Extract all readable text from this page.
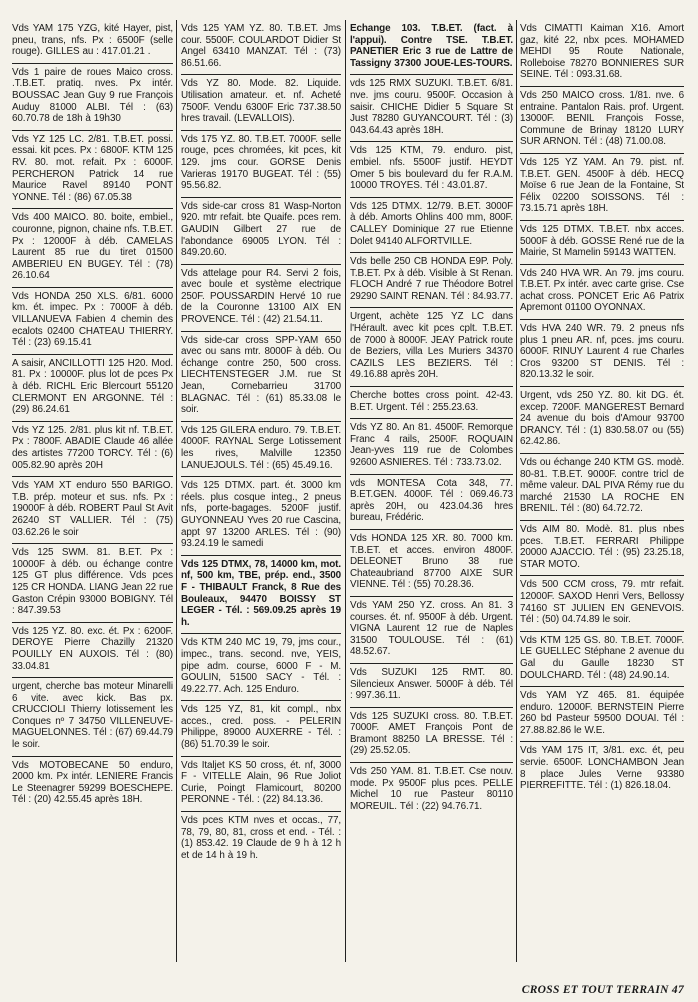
Vds YAM 175 YZG, kité Hayer, pist, pneu, trans, nfs. Px : 6500F (selle rouge). GILLES au : 417.01.21 .
Vds 1 paire de roues Maico cross. .T.B.ET. pratiq. nves. Px intér. BOUSSAC Jean Guy 9 rue François Auduy 81000 ALBI. Tél : (63) 60.70.78 de 18h à 19h30
Vds YZ 125 LC. 2/81. T.B.ET. possi. essai. kit pces. Px : 6800F. KTM 125 RV. 80. mot. refait. Px : 6000F. PERCHERON Patrick 14 rue Maurice Ravel 89140 PONT YONNE. Tél : (86) 67.05.38
Vds 400 MAICO. 80. boite, embiel., couronne, pignon, chaine nfs. T.B.ET. Px : 12000F à déb. CAMELAS Laurent 85 rue du tiret 01500 AMBERIEU EN BUGEY. Tél : (78) 26.10.64
Vds HONDA 250 XLS. 6/81. 6000 km. ét. impec. Px : 7000F à déb. VILLANUEVA Fabien 4 chemin des ecalots 02400 CHATEAU THIERRY. Tél : (23) 69.15.41
A saisir, ANCILLOTTI 125 H20. Mod. 81. Px : 10000F. plus lot de pces Px à déb. RICHL Eric Blercourt 55120 CLERMONT EN ARGONNE. Tél : (29) 86.24.61
Vds YZ 125. 2/81. plus kit nf. T.B.ET. Px : 7800F. ABADIE Claude 46 allée des artistes 77200 TORCY. Tél : (6) 005.82.90 après 20H
Vds YAM XT enduro 550 BARIGO. T.B. prép. moteur et sus. nfs. Px : 19000F à déb. ROBERT Paul St Avit 26240 ST VALLIER. Tél : (75) 03.62.26 le soir
Vds 125 SWM. 81. B.ET. Px : 10000F à déb. ou échange contre 125 GT plus différence. Vds pces 125 CR HONDA. LIANG Jean 22 rue Gaston Crépin 93000 BOBIGNY. Tél : 847.39.53
Vds 125 YZ. 80. exc. ét. Px : 6200F. DEROYE Pierre Chazilly 21320 POUILLY EN AUXOIS. Tél : (80) 33.04.81
urgent, cherche bas moteur Minarelli 6 vite. avec kick. Bas px. CRUCCIOLI Thierry lotissement les Conques nº 7 34750 VILLENEUVE-MAGUELONNES. Tél : (67) 69.44.79 le soir.
Vds MOTOBECANE 50 enduro, 2000 km. Px intér. LENIERE Francis Le Steenagrer 59299 BOESCHEPE. Tél : (20) 42.55.45 après 18H.
Vds 125 YAM YZ. 80. T.B.ET. Jms cour. 5500F. COULARDOT Didier St Angel 63410 MANZAT. Tél : (73) 86.51.66.
Vds YZ 80. Mode. 82. Liquide. Utilisation amateur. et. nf. Acheté 7500F. Vendu 6300F Eric 737.38.50 hres travail. (LEVALLOIS).
Vds 175 YZ. 80. T.B.ET. 7000F. selle rouge, pces chromées, kit pces, kit 129. jms cour. GORSE Denis Varieras 19170 BUGEAT. Tél : (55) 95.56.82.
Vds side-car cross 81 Wasp-Norton 920. mtr refait. bte Quaife. pces rem. GAUDIN Gilbert 27 rue de l'abondance 69005 LYON. Tél : 849.20.60.
Vds attelage pour R4. Servi 2 fois, avec boule et système electrique 250F. POUSSARDIN Hervé 10 rue de la Couronne 13100 AIX EN PROVENCE. Tél : (42) 21.54.11.
Vds side-car cross SPP-YAM 650 avec ou sans mtr. 8000F à déb. Ou échange contre 250, 500 cross. LIECHTENSTEGER J.M. rue St Jean, Cornebarrieu 31700 BLAGNAC. Tél : (61) 85.33.08 le soir.
Vds 125 GILERA enduro. 79. T.B.ET. 4000F. RAYNAL Serge Lotissement les rives, Malville 12350 LANUEJOULS. Tél : (65) 45.49.16.
Vds 125 DTMX. part. ét. 3000 km réels. plus cosque integ., 2 pneus nfs, porte-bagages. 5200F justif. GUYONNEAU Yves 20 rue Cascina, appt 97 13200 ARLES. Tél : (90) 93.24.19 le samedi
Vds 125 DTMX, 78, 14000 km, mot. nf, 500 km, TBE, prép. end., 3500 F - THIBAULT Franck, 8 Rue des Bouleaux, 94470 BOISSY ST LEGER - Tél. : 569.09.25 après 19 h.
Vds KTM 240 MC 19, 79, jms cour., impec., trans. second. nve, YEIS, pipe adm. course, 6000 F - M. GOULIN, 51500 SACY - Tél. : 49.22.77. Ach. 125 Enduro.
Vds 125 YZ, 81, kit compl., nbx acces., cred. poss. - PELERIN Philippe, 89000 AUXERRE - Tél. : (86) 51.70.39 le soir.
Vds Italjet KS 50 cross, ét. nf, 3000 F - VITELLE Alain, 96 Rue Joliot Curie, Poingt Flamicourt, 80200 PERONNE - Tél. : (22) 84.13.36.
Vds pces KTM nves et occas., 77, 78, 79, 80, 81, cross et end. - Tél. : (1) 853.42. 19 Claude de 9 h à 12 h et de 14 h à 19 h.
Echange 103. T.B.ET. (fact. à l'appui). Contre TSE. T.B.ET. PANETIER Eric 3 rue de Lattre de Tassigny 37300 JOUE-LES-TOURS.
vds 125 RMX SUZUKI. T.B.ET. 6/81. nve. jms couru. 9500F. Occasion à saisir. CHICHE Didier 5 Square St Just 78280 GUYANCOURT. Tél : (3) 043.64.43 après 18H.
Vds 125 KTM, 79. enduro. pist, embiel. nfs. 5500F justif. HEYDT Omer 5 bis boulevard du fer R.A.M. 10000 TROYES. Tél : 43.01.87.
Vds 125 DTMX. 12/79. B.ET. 3000F à déb. Amorts Ohlins 400 mm, 800F. CALLEY Dominique 27 rue Etienne Dolet 94140 ALFORTVILLE.
Vds belle 250 CB HONDA E9P. Poly. T.B.ET. Px à déb. Visible à St Renan. FLOCH André 7 rue Théodore Botrel 29290 SAINT RENAN. Tél : 84.93.77.
Urgent, achète 125 YZ LC dans l'Hérault. avec kit pces cplt. T.B.ET. de 7000 à 8000F. JEAY Patrick route de Beziers, villa Les Muriers 34370 CAZILS LES BEZIERS. Tél : 49.16.88 après 20H.
Cherche bottes cross point. 42-43. B.ET. Urgent. Tél : 255.23.63.
Vds YZ 80. An 81. 4500F. Remorque Franc 4 rails, 2500F. ROQUAIN Jean-yves 119 rue de Colombes 92600 ASNIERES. Tél : 733.73.02.
vds MONTESA Cota 348, 77. B.ET.GEN. 4000F. Tél : 069.46.73 après 20H, ou 423.04.36 hres bureau, Frédéric.
Vds HONDA 125 XR. 80. 7000 km. T.B.ET. et acces. environ 4800F. DELEONET Bruno 38 rue Chateaubriand 87700 AIXE SUR VIENNE. Tél : (55) 70.28.36.
Vds YAM 250 YZ. cross. An 81. 3 courses. ét. nf. 9500F à déb. Urgent. VIGNA Laurent 12 rue de Naples 31500 TOULOUSE. Tél : (61) 48.52.67.
Vds SUZUKI 125 RMT. 80. Silencieux Answer. 5000F à déb. Tél : 997.36.11.
Vds 125 SUZUKI cross. 80. T.B.ET. 7000F. AMET François Pont de Bramont 88250 LA BRESSE. Tél : (29) 25.52.05.
Vds 250 YAM. 81. T.B.ET. Cse nouv. mode. Px 9500F plus pces. PELLE Michel 10 rue Pasteur 80110 MOREUIL. Tél : (22) 94.76.71.
Vds CIMATTI Kaiman X16. Amort gaz, kité 22, nbx pces. MOHAMED MEHDI 95 Route Nationale, Rolleboise 78270 BONNIERES SUR SEINE. Tél : 093.31.68.
Vds 250 MAICO cross. 1/81. nve. 6 entraine. Pantalon Rais. prof. Urgent. 13000F. BENIL François Fosse, Commune de Brinay 18120 LURY SUR ARNON. Tél : (48) 71.00.08.
Vds 125 YZ YAM. An 79. pist. nf. T.B.ET. GEN. 4500F à déb. HECQ Moïse 6 rue Jean de la Fontaine, St Félix 02200 SOISSONS. Tél : 73.15.71 après 18H.
Vds 125 DTMX. T.B.ET. nbx acces. 5000F à déb. GOSSE René rue de la Mairie, St Mamelin 59143 WATTEN.
Vds 240 HVA WR. An 79. jms couru. T.B.ET. Px intér. avec carte grise. Cse achat cross. PONCET Eric A6 Patrix Apremont 01100 OYONNAX.
Vds HVA 240 WR. 79. 2 pneus nfs plus 1 pneu AR. nf, pces. jms couru. 6000F. RINUY Laurent 4 rue Charles Cros 93200 ST DENIS. Tél : 820.13.32 le soir.
Urgent, vds 250 YZ. 80. kit DG. ét. excep. 7200F. MANGEREST Bernard 24 avenue du bois d'Amour 93700 DRANCY. Tél : (1) 830.58.07 ou (55) 62.42.86.
Vds ou échange 240 KTM GS. modè. 80-81. T.B.ET. 9000F. contre tricl de même valeur. DAL PIVA Rémy rue du marché 21530 LA ROCHE EN BRENIL. Tél : (80) 64.72.72.
Vds AIM 80. Modè. 81. plus nbes pces. T.B.ET. FERRARI Philippe 20000 AJACCIO. Tél : (95) 23.25.18, STAR MOTO.
Vds 500 CCM cross, 79. mtr refait. 12000F. SAXOD Henri Vers, Bellossy 74160 ST JULIEN EN GENEVOIS. Tél : (50) 04.74.89 le soir.
Vds KTM 125 GS. 80. T.B.ET. 7000F. LE GUELLEC Stéphane 2 avenue du Gal du Gaulle 18230 ST DOULCHARD. Tél : (48) 24.90.14.
Vds YAM YZ 465. 81. équipée enduro. 12000F. BERNSTEIN Pierre 260 bd Pasteur 59500 DOUAI. Tél : 27.88.82.86 le W.E.
Vds YAM 175 IT, 3/81. exc. ét, peu servie. 6500F. LONCHAMBON Jean 8 place Jules Verne 93380 PIERREFITTE. Tél : (1) 826.18.04.
CROSS ET TOUT TERRAIN 47
